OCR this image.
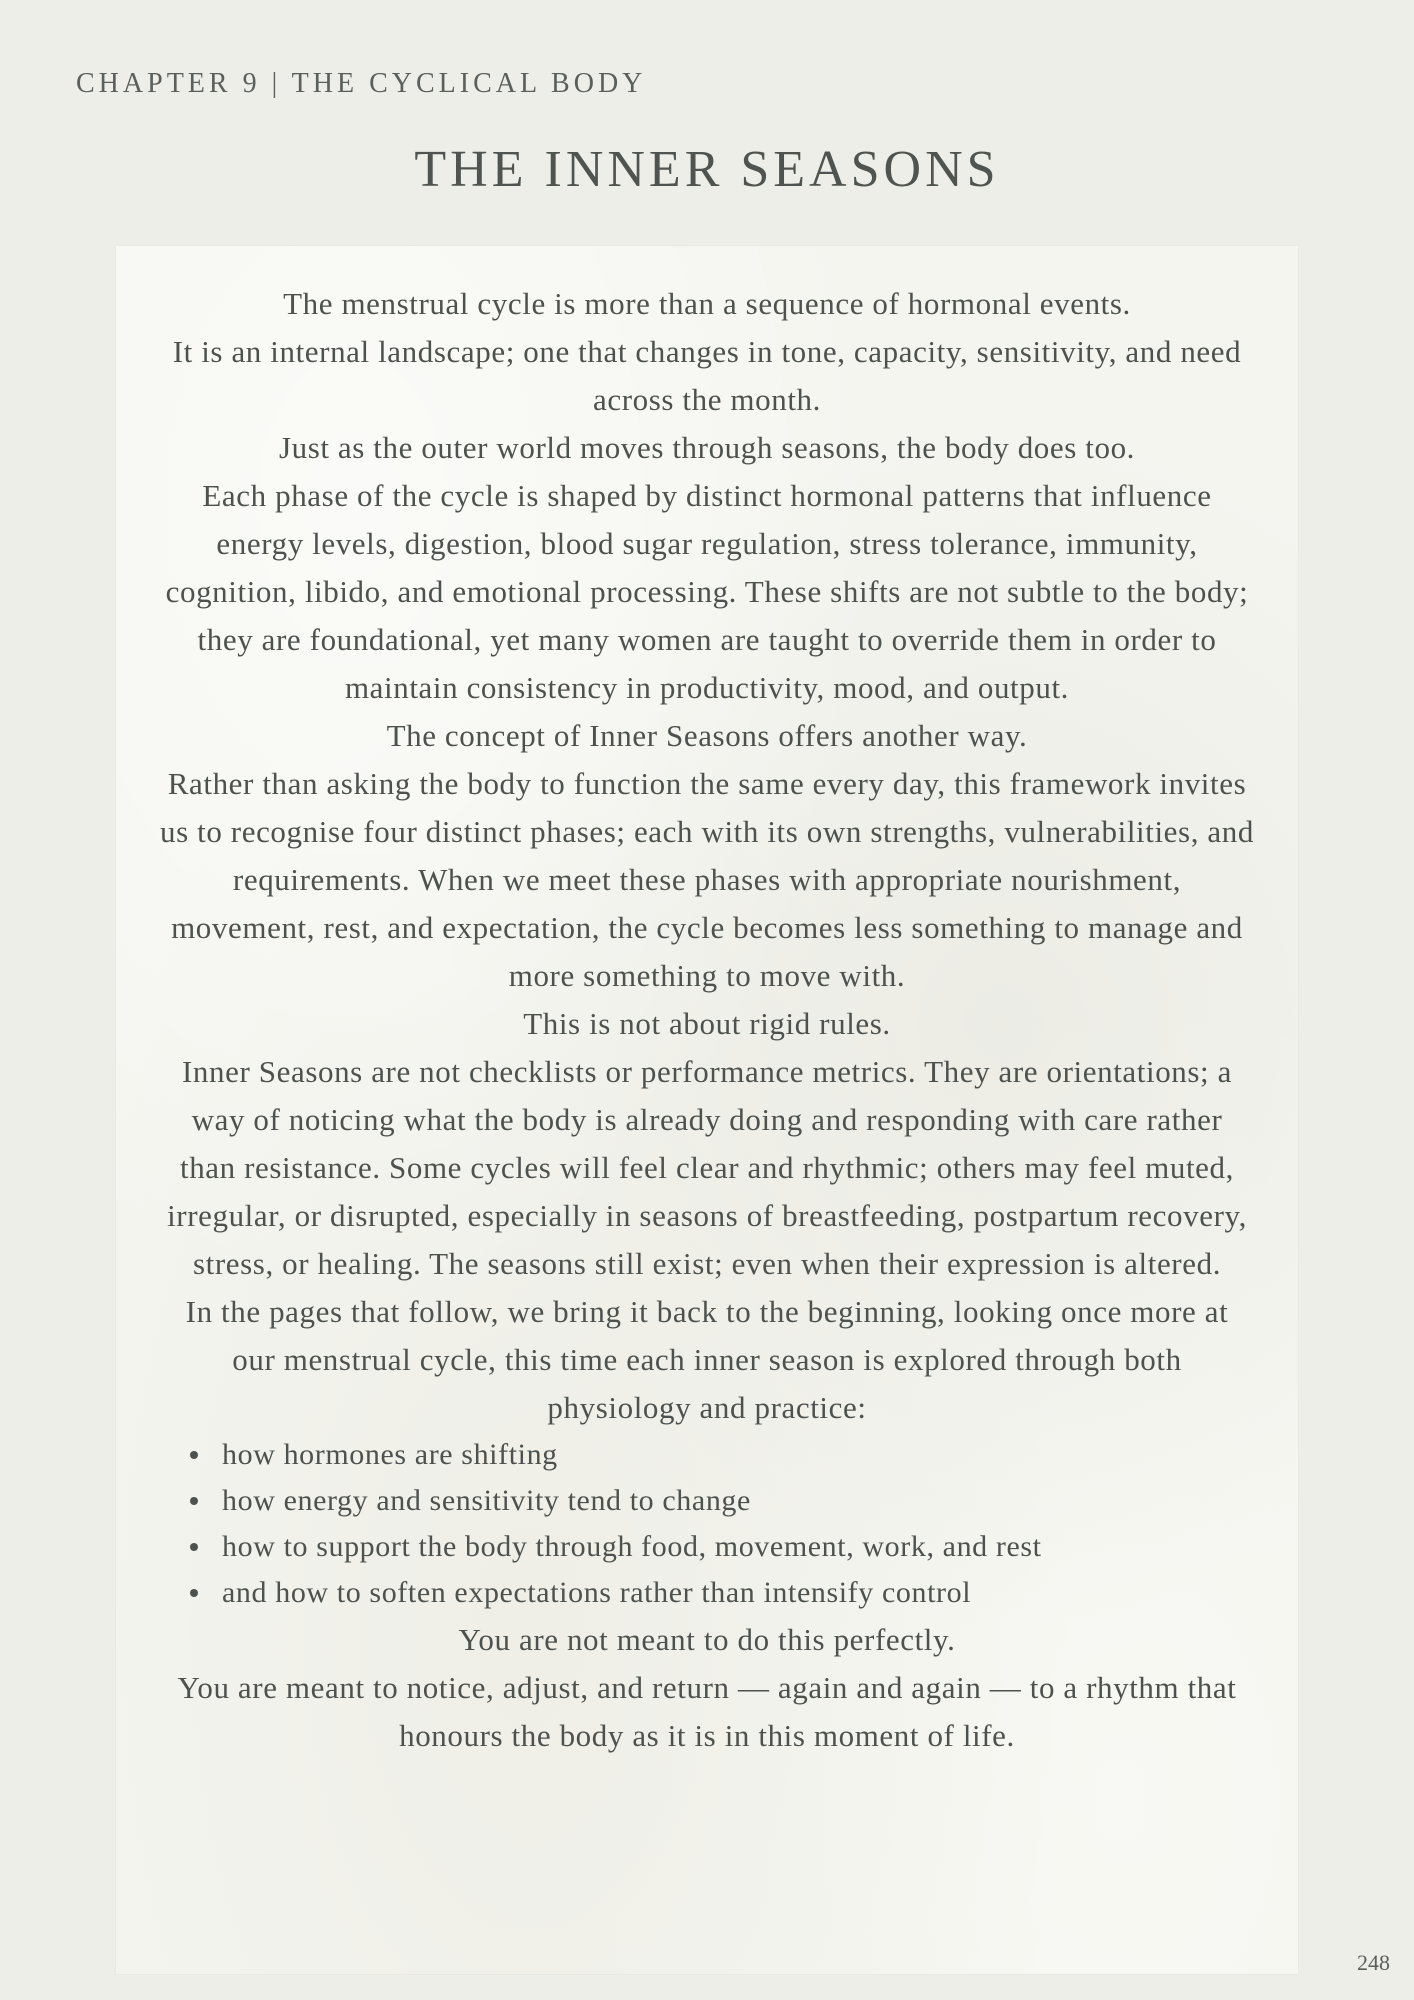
CHAPTER 9 | THE CYCLICAL BODY
THE INNER SEASONS

The menstrual cycle is more than a sequence of hormonal events.

It is an internal landscape; one that changes in tone, capacity, sensitivity, and need across the month.

Just as the outer world moves through seasons, the body does too.

Each phase of the cycle is shaped by distinct hormonal patterns that influence energy levels, digestion, blood sugar regulation, stress tolerance, immunity, cognition, libido, and emotional processing. These shifts are not subtle to the body; they are foundational, yet many women are taught to override them in order to maintain consistency in productivity, mood, and output.

The concept of Inner Seasons offers another way.

Rather than asking the body to function the same every day, this framework invites us to recognise four distinct phases; each with its own strengths, vulnerabilities, and requirements. When we meet these phases with appropriate nourishment, movement, rest, and expectation, the cycle becomes less something to manage and more something to move with.

This is not about rigid rules.

Inner Seasons are not checklists or performance metrics. They are orientations; a way of noticing what the body is already doing and responding with care rather than resistance. Some cycles will feel clear and rhythmic; others may feel muted, irregular, or disrupted, especially in seasons of breastfeeding, postpartum recovery, stress, or healing. The seasons still exist; even when their expression is altered.

In the pages that follow, we bring it back to the beginning, looking once more at our menstrual cycle, this time each inner season is explored through both physiology and practice:

how hormones are shifting
how energy and sensitivity tend to change
how to support the body through food, movement, work, and rest
and how to soften expectations rather than intensify control

You are not meant to do this perfectly.

You are meant to notice, adjust, and return — again and again — to a rhythm that honours the body as it is in this moment of life.

248
